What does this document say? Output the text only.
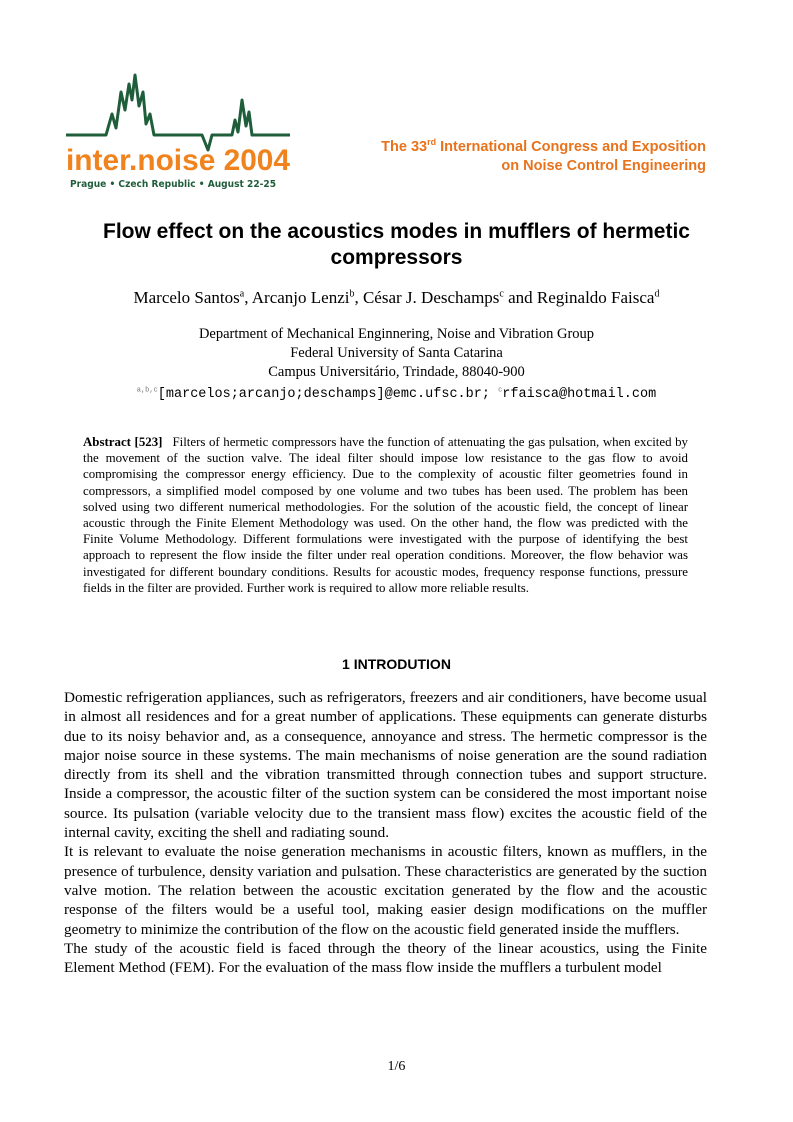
inter.noise 2004
Prague • Czech Republic • August 22-25
The 33rd International Congress and Exposition
on Noise Control Engineering
Flow effect on the acoustics modes in mufflers of hermetic compressors
Marcelo Santos$^a$, Arcanjo Lenzi$^b$, César J. Deschamps$^c$ and Reginaldo Faisca$^d$
Department of Mechanical Enginnering, Noise and Vibration Group
Federal University of Santa Catarina
Campus Universitário, Trindade, 88040-900
$^{a,b,c}$[marcelos;arcanjo;deschamps]@emc.ufsc.br; $^c$rfaisca@hotmail.com

Abstract [523] Filters of hermetic compressors have the function of attenuating the gas pulsation, when excited by the movement of the suction valve. The ideal filter should impose low resistance to the gas flow to avoid compromising the compressor energy efficiency. Due to the complexity of acoustic filter geometries found in compressors, a simplified model composed by one volume and two tubes has been used. The problem has been solved using two different numerical methodologies. For the solution of the acoustic field, the concept of linear acoustic through the Finite Element Methodology was used. On the other hand, the flow was predicted with the Finite Volume Methodology. Different formulations were investigated with the purpose of identifying the best approach to represent the flow inside the filter under real operation conditions. Moreover, the flow behavior was investigated for different boundary conditions. Results for acoustic modes, frequency response functions, pressure fields in the filter are provided. Further work is required to allow more reliable results.

1 INTRODUTION

Domestic refrigeration appliances, such as refrigerators, freezers and air conditioners, have become usual in almost all residences and for a great number of applications. These equipments can generate disturbs due to its noisy behavior and, as a consequence, annoyance and stress. The hermetic compressor is the major noise source in these systems. The main mechanisms of noise generation are the sound radiation directly from its shell and the vibration transmitted through connection tubes and support structure. Inside a compressor, the acoustic filter of the suction system can be considered the most important noise source. Its pulsation (variable velocity due to the transient mass flow) excites the acoustic field of the internal cavity, exciting the shell and radiating sound.

It is relevant to evaluate the noise generation mechanisms in acoustic filters, known as mufflers, in the presence of turbulence, density variation and pulsation. These characteristics are generated by the suction valve motion. The relation between the acoustic excitation generated by the flow and the acoustic response of the filters would be a useful tool, making easier design modifications on the muffler geometry to minimize the contribution of the flow on the acoustic field generated inside the mufflers.

The study of the acoustic field is faced through the theory of the linear acoustics, using the Finite Element Method (FEM). For the evaluation of the mass flow inside the mufflers a turbulent model

1/6
